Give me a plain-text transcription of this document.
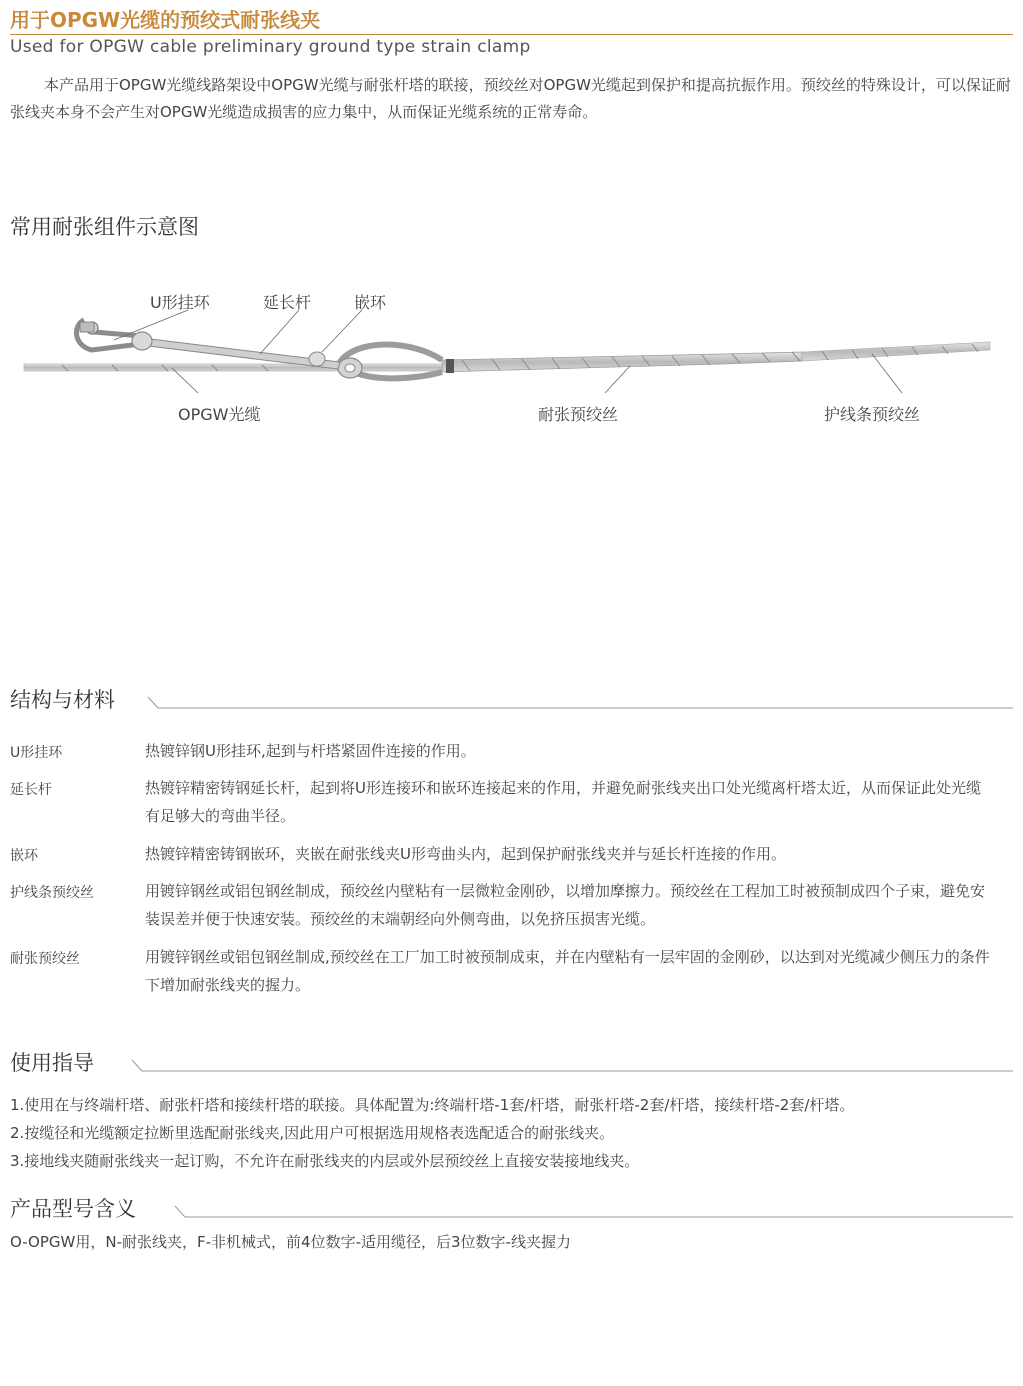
用于OPGW光缆的预绞式耐张线夹
Used for OPGW cable preliminary ground type strain clamp
本产品用于OPGW光缆线路架设中OPGW光缆与耐张杆塔的联接，预绞丝对OPGW光缆起到保护和提高抗振作用。预绞丝的特殊设计，可以保证耐张线夹本身不会产生对OPGW光缆造成损害的应力集中，从而保证光缆系统的正常寿命。
常用耐张组件示意图
U形挂环	延长杆	嵌环
OPGW光缆	耐张预绞丝	护线条预绞丝
结构与材料
U形挂环	热镀锌钢U形挂环,起到与杆塔紧固件连接的作用。
延长杆	热镀锌精密铸钢延长杆，起到将U形连接环和嵌环连接起来的作用，并避免耐张线夹出口处光缆离杆塔太近，从而保证此处光缆有足够大的弯曲半径。
嵌环	热镀锌精密铸钢嵌环，夹嵌在耐张线夹U形弯曲头内，起到保护耐张线夹并与延长杆连接的作用。
护线条预绞丝	用镀锌钢丝或铝包钢丝制成，预绞丝内壁粘有一层微粒金刚砂，以增加摩擦力。预绞丝在工程加工时被预制成四个子束，避免安装误差并便于快速安装。预绞丝的末端朝经向外侧弯曲，以免挤压损害光缆。
耐张预绞丝	用镀锌钢丝或铝包钢丝制成,预绞丝在工厂加工时被预制成束，并在内壁粘有一层牢固的金刚砂，以达到对光缆减少侧压力的条件下增加耐张线夹的握力。
使用指导
1.使用在与终端杆塔、耐张杆塔和接续杆塔的联接。具体配置为:终端杆塔-1套/杆塔，耐张杆塔-2套/杆塔，接续杆塔-2套/杆塔。
2.按缆径和光缆额定拉断里选配耐张线夹,因此用户可根据选用规格表选配适合的耐张线夹。
3.接地线夹随耐张线夹一起订购，不允许在耐张线夹的内层或外层预绞丝上直接安装接地线夹。
产品型号含义
O-OPGW用，N-耐张线夹，F-非机械式，前4位数字-适用缆径，后3位数字-线夹握力
